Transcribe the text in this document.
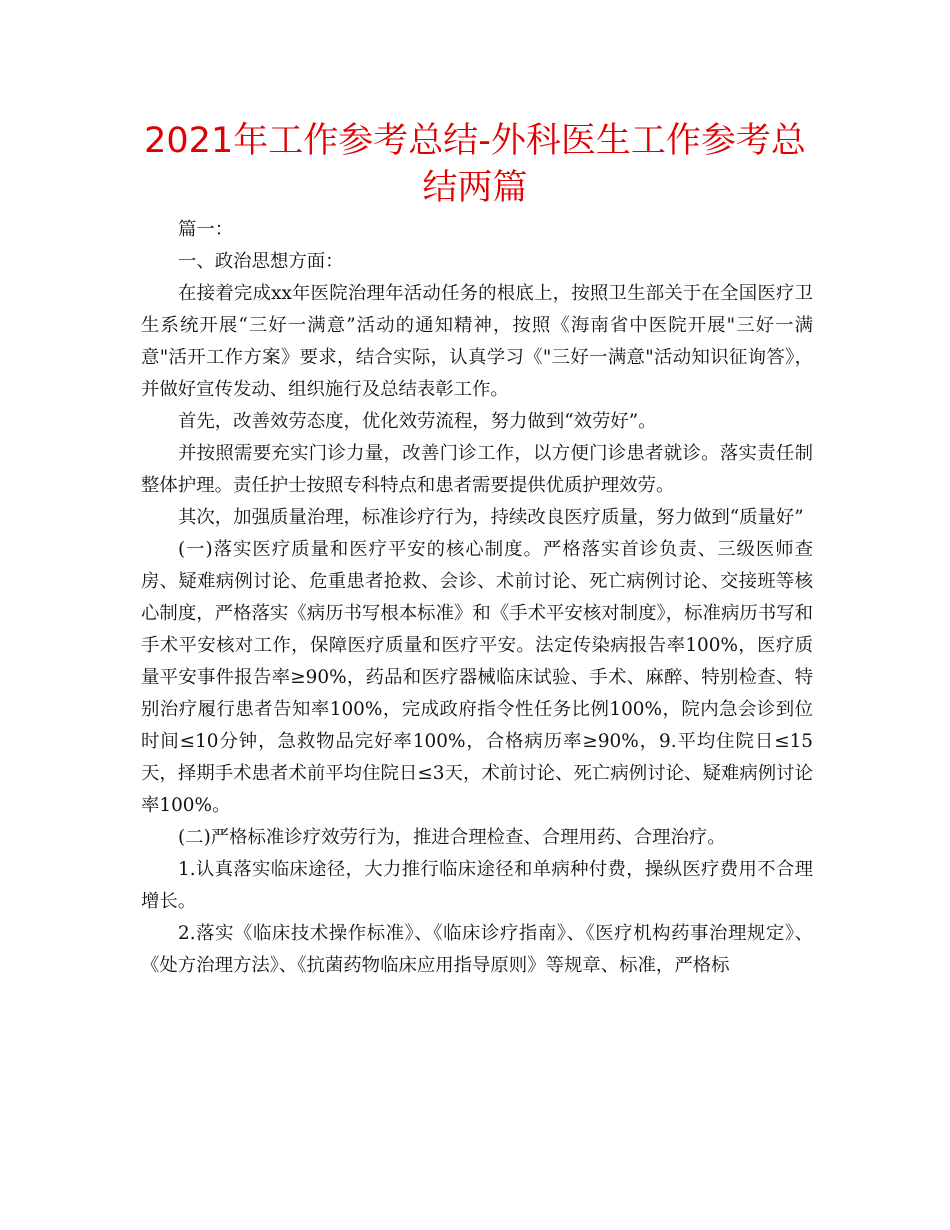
2021年工作参考总结-外科医生工作参考总结两篇

篇一：

一、政治思想方面：

在接着完成xx年医院治理年活动任务的根底上，按照卫生部关于在全国医疗卫生系统开展“三好一满意”活动的通知精神，按照《海南省中医院开展"三好一满意"活开工作方案》要求，结合实际，认真学习《"三好一满意"活动知识征询答》，并做好宣传发动、组织施行及总结表彰工作。

首先，改善效劳态度，优化效劳流程，努力做到“效劳好”。

并按照需要充实门诊力量，改善门诊工作，以方便门诊患者就诊。落实责任制整体护理。责任护士按照专科特点和患者需要提供优质护理效劳。

其次，加强质量治理，标准诊疗行为，持续改良医疗质量，努力做到“质量好”

(一)落实医疗质量和医疗平安的核心制度。严格落实首诊负责、三级医师查房、疑难病例讨论、危重患者抢救、会诊、术前讨论、死亡病例讨论、交接班等核心制度，严格落实《病历书写根本标准》和《手术平安核对制度》，标准病历书写和手术平安核对工作，保障医疗质量和医疗平安。法定传染病报告率100%，医疗质量平安事件报告率≥90%，药品和医疗器械临床试验、手术、麻醉、特别检查、特别治疗履行患者告知率100%，完成政府指令性任务比例100%，院内急会诊到位时间≤10分钟，急救物品完好率100%，合格病历率≥90%，9.平均住院日≤15天，择期手术患者术前平均住院日≤3天，术前讨论、死亡病例讨论、疑难病例讨论率100%。

(二)严格标准诊疗效劳行为，推进合理检查、合理用药、合理治疗。

1.认真落实临床途径，大力推行临床途径和单病种付费，操纵医疗费用不合理增长。

2.落实《临床技术操作标准》、《临床诊疗指南》、《医疗机构药事治理规定》、《处方治理方法》、《抗菌药物临床应用指导原则》等规章、标准，严格标
